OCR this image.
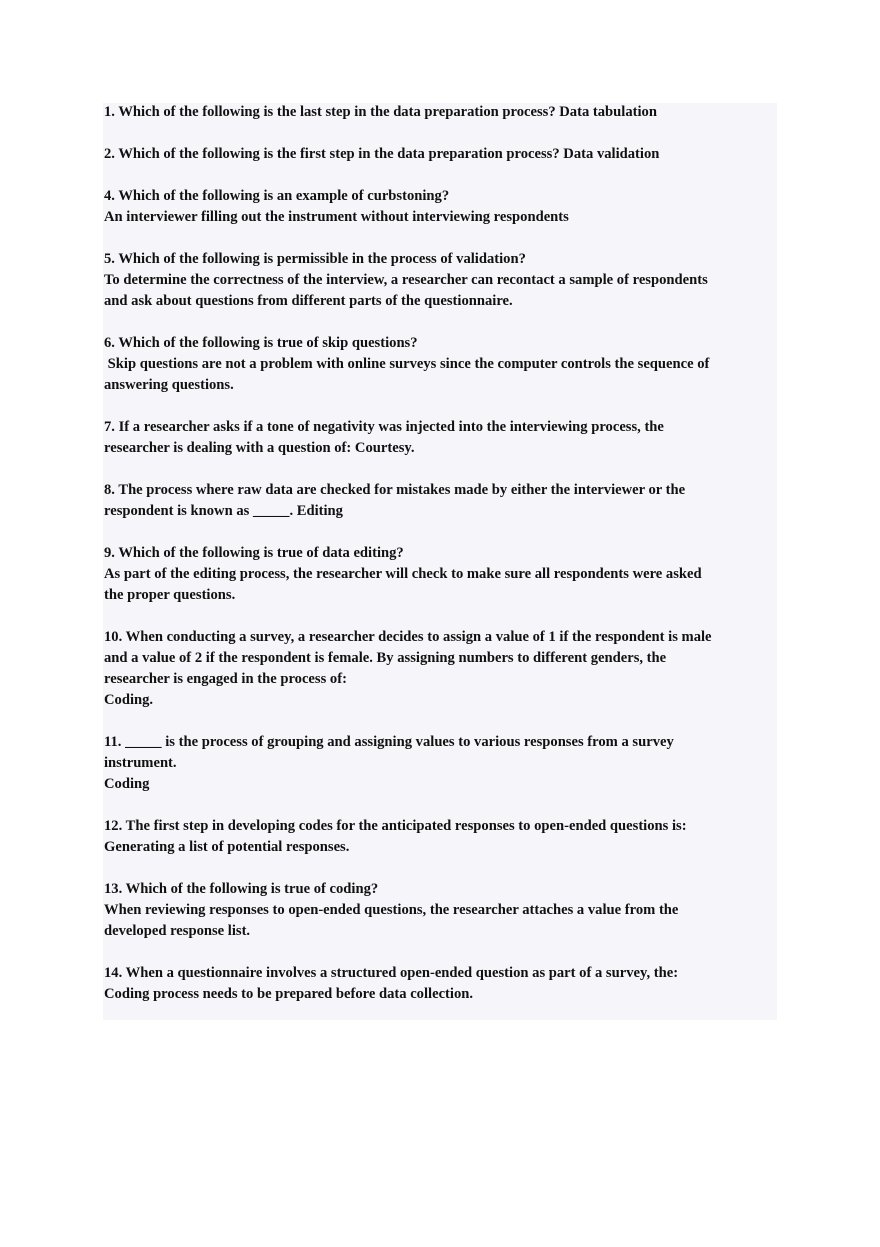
1. Which of the following is the last step in the data preparation process? Data tabulation

2. Which of the following is the first step in the data preparation process? Data validation

4. Which of the following is an example of curbstoning?

An interviewer filling out the instrument without interviewing respondents

5. Which of the following is permissible in the process of validation?

To determine the correctness of the interview, a researcher can recontact a sample of respondents

and ask about questions from different parts of the questionnaire.

6. Which of the following is true of skip questions?

Skip questions are not a problem with online surveys since the computer controls the sequence of

answering questions.

7. If a researcher asks if a tone of negativity was injected into the interviewing process, the

researcher is dealing with a question of: Courtesy.

8. The process where raw data are checked for mistakes made by either the interviewer or the

respondent is known as _____. Editing

9. Which of the following is true of data editing?

As part of the editing process, the researcher will check to make sure all respondents were asked

the proper questions.

10. When conducting a survey, a researcher decides to assign a value of 1 if the respondent is male

and a value of 2 if the respondent is female. By assigning numbers to different genders, the

researcher is engaged in the process of:

Coding.

11. _____ is the process of grouping and assigning values to various responses from a survey

instrument.

Coding

12. The first step in developing codes for the anticipated responses to open-ended questions is:

Generating a list of potential responses.

13. Which of the following is true of coding?

When reviewing responses to open-ended questions, the researcher attaches a value from the

developed response list.

14. When a questionnaire involves a structured open-ended question as part of a survey, the:

Coding process needs to be prepared before data collection.
